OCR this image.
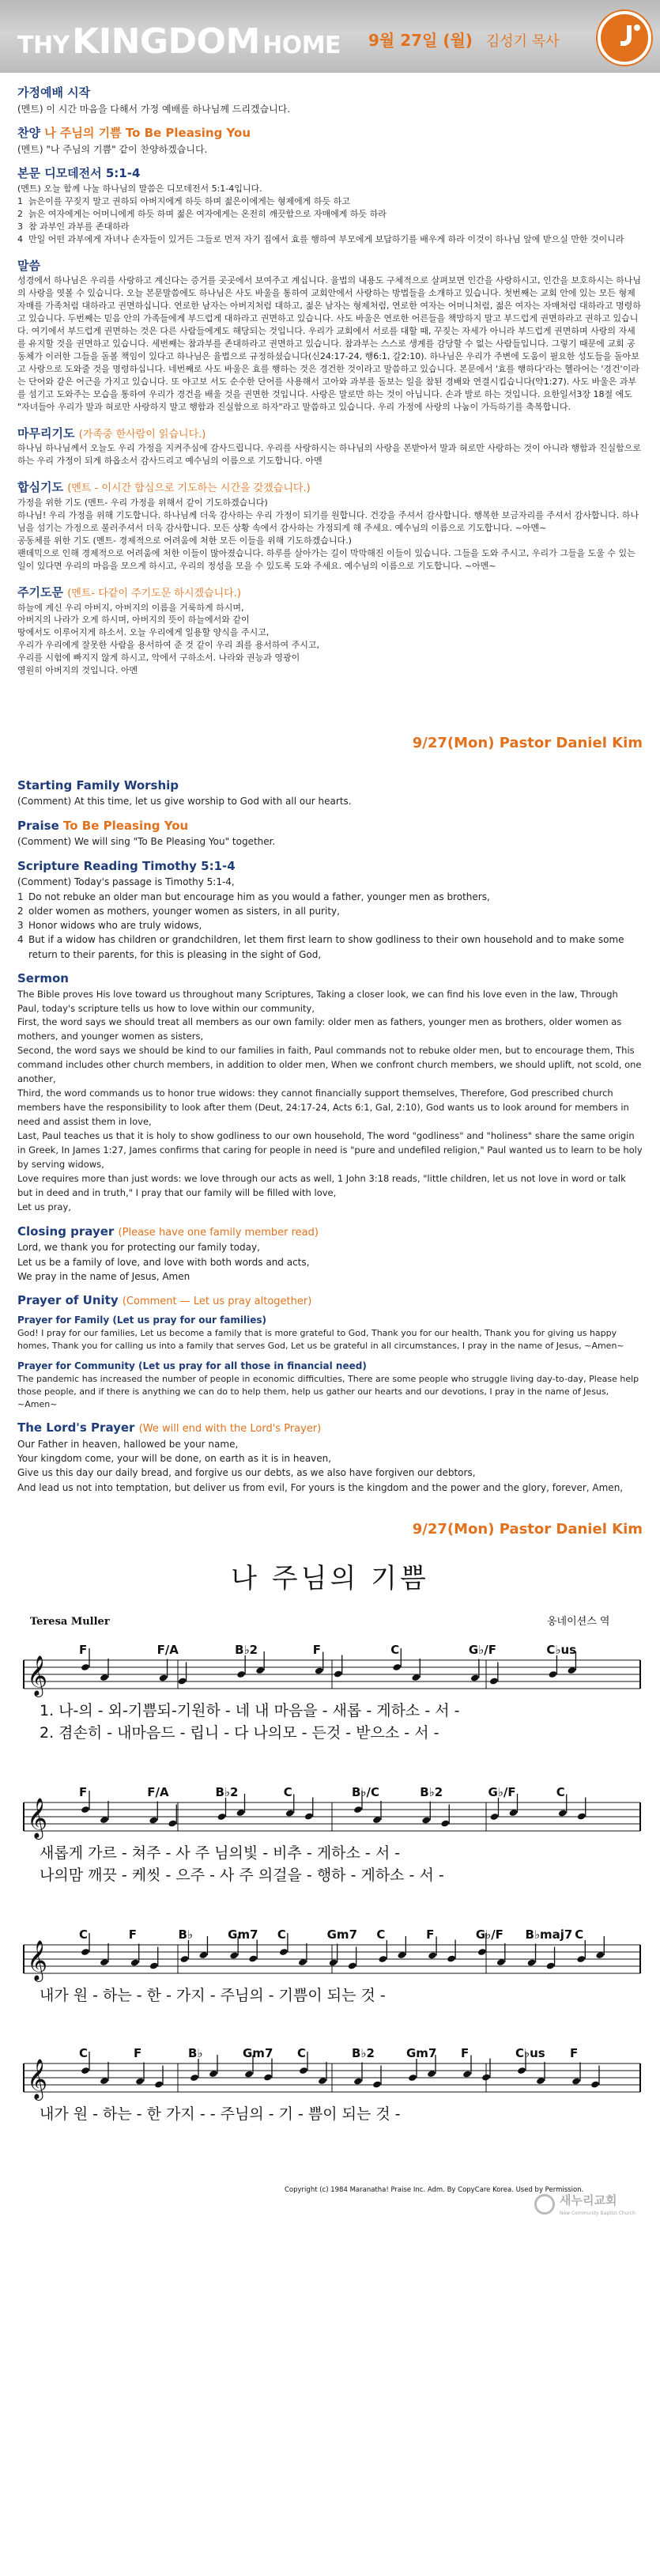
THY KINGDOM HOME 9월 27일 (월) 김성기 목사
가정예배 시작
(멘트) 이 시간 마음을 다해서 가정 예배를 하나님께 드리겠습니다.
찬양 나 주님의 기쁨 To Be Pleasing You
(멘트) "나 주님의 기쁨" 같이 찬양하겠습니다.
본문 디모데전서 5:1-4
(멘트) 오늘 함께 나눌 하나님의 말씀은 디모데전서 5:1-4입니다.
1 늙은이를 꾸짖지 말고 권하되 아버지에게 하듯 하며 젊은이에게는 형제에게 하듯 하고
2 늙은 여자에게는 어머니에게 하듯 하며 젊은 여자에게는 온전히 깨끗함으로 자매에게 하듯 하라
3 참 과부인 과부를 존대하라
4 만일 어떤 과부에게 자녀나 손자들이 있거든 그들로 먼저 자기 집에서 효를 행하여 부모에게 보답하기를 배우게 하라 이것이 하나님 앞에 받으실 만한 것이니라
말씀
성경에서 하나님은 우리를 사랑하고 계신다는 증거를 곳곳에서 보여주고 계십니다. 율법의 내용도 구체적으로 살펴보면 인간을 사랑하시고, 인간을 보호하시는 하나님의 사랑을 엿볼 수 있습니다. 오늘 본문말씀에도 하나님은 사도 바울을 통하여 교회안에서 사랑하는 방법들을 소개하고 있습니다. 첫번째는 교회 안에 있는 모든 형제 자매를 가족처럼 대하라고 권면하십니다. 연로한 남자는 아버지처럼 대하고, 젊은 남자는 형제처럼, 연로한 여자는 어머니처럼, 젊은 여자는 자매처럼 대하라고 명령하고 있습니다. 두번째는 믿음 안의 가족들에게 부드럽게 대하라고 권면하고 있습니다. 사도 바울은 연로한 어른들을 책망하지 말고 부드럽게 권면하라고 권하고 있습니다. 여기에서 부드럽게 권면하는 것은 다른 사람들에게도 해당되는 것입니다. 우리가 교회에서 서로를 대할 때, 꾸짖는 자세가 아니라 부드럽게 권면하며 사랑의 자세를 유지할 것을 권면하고 있습니다. 세번째는 참과부를 존대하라고 권면하고 있습니다. 참과부는 스스로 생계를 감당할 수 없는 사람들입니다. 그렇기 때문에 교회 공동체가 이러한 그들을 돌볼 책임이 있다고 하나님은 율법으로 규정하셨습니다(신24:17-24, 행6:1, 갈2:10). 하나님은 우리가 주변에 도움이 필요한 성도들을 돌아보고 사랑으로 도와줄 것을 명령하십니다. 네번째로 사도 바울은 효를 행하는 것은 경건한 것이라고 말씀하고 있습니다. 본문에서 '효를 행하다'라는 헬라어는 '경건'이라는 단어와 같은 어근을 가지고 있습니다. 또 야고보 서도 순수한 단어를 사용해서 고아와 과부를 돌보는 일을 참된 경배와 연결시킵습니다(약1:27). 사도 바울은 과부를 섬기고 도와주는 모습을 통하여 우리가 경건을 배울 것을 권면한 것입니다. 사랑은 말로만 하는 것이 아닙니다. 손과 발로 하는 것입니다. 요한일서3장 18절 에도 "자녀들아 우리가 말과 혀로만 사랑하지 말고 행함과 진실함으로 하자"라고 말씀하고 있습니다. 우리 가정에 사랑의 나눔이 가득하기를 축복합니다.
마무리기도 (가족중 한사람이 읽습니다.)
하나님 하나님께서 오늘도 우리 가정을 지켜주심에 감사드립니다. 우리를 사랑하시는 하나님의 사랑을 본받아서 말과 혀로만 사랑하는 것이 아니라 행함과 진실함으로 하는 우리 가정이 되게 하옵소서 감사드리고 예수님의 이름으로 기도합니다. 아멘
합심기도 (멘트 - 이시간 합심으로 기도하는 시간을 갖겠습니다.)
가정을 위한 기도 (멘트- 우리 가정을 위해서 같이 기도하겠습니다)
하나님! 우리 가정을 위해 기도합니다. 하나님께 더욱 감사하는 우리 가정이 되기를 원합니다. 건강을 주셔서 감사합니다. 행복한 보금자리를 주셔서 감사합니다. 하나님을 섬기는 가정으로 불러주셔서 더욱 감사합니다. 모든 상황 속에서 감사하는 가정되게 해 주세요. 예수님의 이름으로 기도합니다. ~아멘~
공동체를 위한 기도 (멘트- 경제적으로 어려움에 처한 모든 이들을 위해 기도하겠습니다.)
팬데믹으로 인해 경제적으로 어려움에 처한 이들이 많아졌습니다. 하루를 살아가는 길이 막막해진 이들이 있습니다. 그들을 도와 주시고, 우리가 그들을 도울 수 있는 일이 있다면 우리의 마음을 모으게 하시고, 우리의 정성을 모을 수 있도록 도와 주세요. 예수님의 이름으로 기도합니다. ~아멘~
주기도문 (멘트- 다같이 주기도문 하시겠습니다.)
하늘에 계신 우리 아버지, 아버지의 이름을 거룩하게 하시며,
아버지의 나라가 오게 하시며, 아버지의 뜻이 하늘에서와 같이
땅에서도 이루어지게 하소서. 오늘 우리에게 일용할 양식을 주시고,
우리가 우리에게 잘못한 사람을 용서하여 준 것 같이 우리 죄를 용서하여 주시고,
우리를 시험에 빠지지 않게 하시고, 악에서 구하소서. 나라와 권능과 영광이
영원히 아버지의 것입니다. 아멘
9/27(Mon) Pastor Daniel Kim
Starting Family Worship
(Comment) At this time, let us give worship to God with all our hearts.
Praise To Be Pleasing You
(Comment) We will sing "To Be Pleasing You" together.
Scripture Reading Timothy 5:1-4
(Comment) Today's passage is Timothy 5:1-4,
1 Do not rebuke an older man but encourage him as you would a father, younger men as brothers,
2 older women as mothers, younger women as sisters, in all purity,
3 Honor widows who are truly widows,
4 But if a widow has children or grandchildren, let them first learn to show godliness to their own household and to make some return to their parents, for this is pleasing in the sight of God,
Sermon
The Bible proves His love toward us throughout many Scriptures, Taking a closer look, we can find his love even in the law, Through Paul, today's scripture tells us how to love within our community,
First, the word says we should treat all members as our own family: older men as fathers, younger men as brothers, older women as mothers, and younger women as sisters,
Second, the word says we should be kind to our families in faith, Paul commands not to rebuke older men, but to encourage them, This command includes other church members, in addition to older men, When we confront church members, we should uplift, not scold, one another,
Third, the word commands us to honor true widows: they cannot financially support themselves, Therefore, God prescribed church members have the responsibility to look after them (Deut, 24:17-24, Acts 6:1, Gal, 2:10), God wants us to look around for members in need and assist them in love,
Last, Paul teaches us that it is holy to show godliness to our own household, The word "godliness" and "holiness" share the same origin in Greek, In James 1:27, James confirms that caring for people in need is "pure and undefiled religion," Paul wanted us to learn to be holy by serving widows,
Love requires more than just words: we love through our acts as well, 1 John 3:18 reads, "little children, let us not love in word or talk but in deed and in truth," I pray that our family will be filled with love,
Let us pray,
Closing prayer (Please have one family member read)
Lord, we thank you for protecting our family today,
Let us be a family of love, and love with both words and acts,
We pray in the name of Jesus, Amen
Prayer of Unity (Comment — Let us pray altogether)
Prayer for Family (Let us pray for our families)
God! I pray for our families, Let us become a family that is more grateful to God, Thank you for our health, Thank you for giving us happy homes, Thank you for calling us into a family that serves God, Let us be grateful in all circumstances, I pray in the name of Jesus, ~Amen~
Prayer for Community (Let us pray for all those in financial need)
The pandemic has increased the number of people in economic difficulties, There are some people who struggle living day-to-day, Please help those people, and if there is anything we can do to help them, help us gather our hearts and our devotions, I pray in the name of Jesus, ~Amen~
The Lord's Prayer (We will end with the Lord's Prayer)
Our Father in heaven, hallowed be your name,
Your kingdom come, your will be done, on earth as it is in heaven,
Give us this day our daily bread, and forgive us our debts, as we also have forgiven our debtors,
And lead us not into temptation, but deliver us from evil, For yours is the kingdom and the power and the glory, forever, Amen,
9/27(Mon) Pastor Daniel Kim
나 주님의 기쁨
Teresa Muller	옹네이션스 역
𝄞
F	F/A	B♭2	F	C	G♭/F	C♭us
1. 나-의 - 외-기쁨되-기원하 - 네 내 마음을 - 새롭 - 게하소 - 서 -
2. 겸손히 - 내마음드 - 립니 - 다 나의모 - 든것 - 받으소 - 서 -
𝄞
F	F/A	B♭2	C	B♭/C	B♭2	G♭/F	C
새롭게 가르 - 쳐주 - 사 주 님의빛 - 비추 - 게하소 - 서 -
나의맘 깨끗 - 케씻 - 으주 - 사 주 의걸을 - 행하 - 게하소 - 서 -
𝄞
C	F	B♭	Gm7 C	Gm7 C	F	G♭/F B♭maj7 C
내가 원 - 하는 - 한 - 가지 - 주님의 - 기쁨이 되는 것 -
𝄞
C	F	B♭	Gm7 C	B♭2	Gm7 F	C♭us F
내가 원 - 하는 - 한 가지 - - 주님의 - 기 - 쁨이 되는 것 -
Copyright (c) 1984 Maranatha! Praise Inc. Adm. By CopyCare Korea. Used by Permission.
새누리교회
New Community Baptist Church
